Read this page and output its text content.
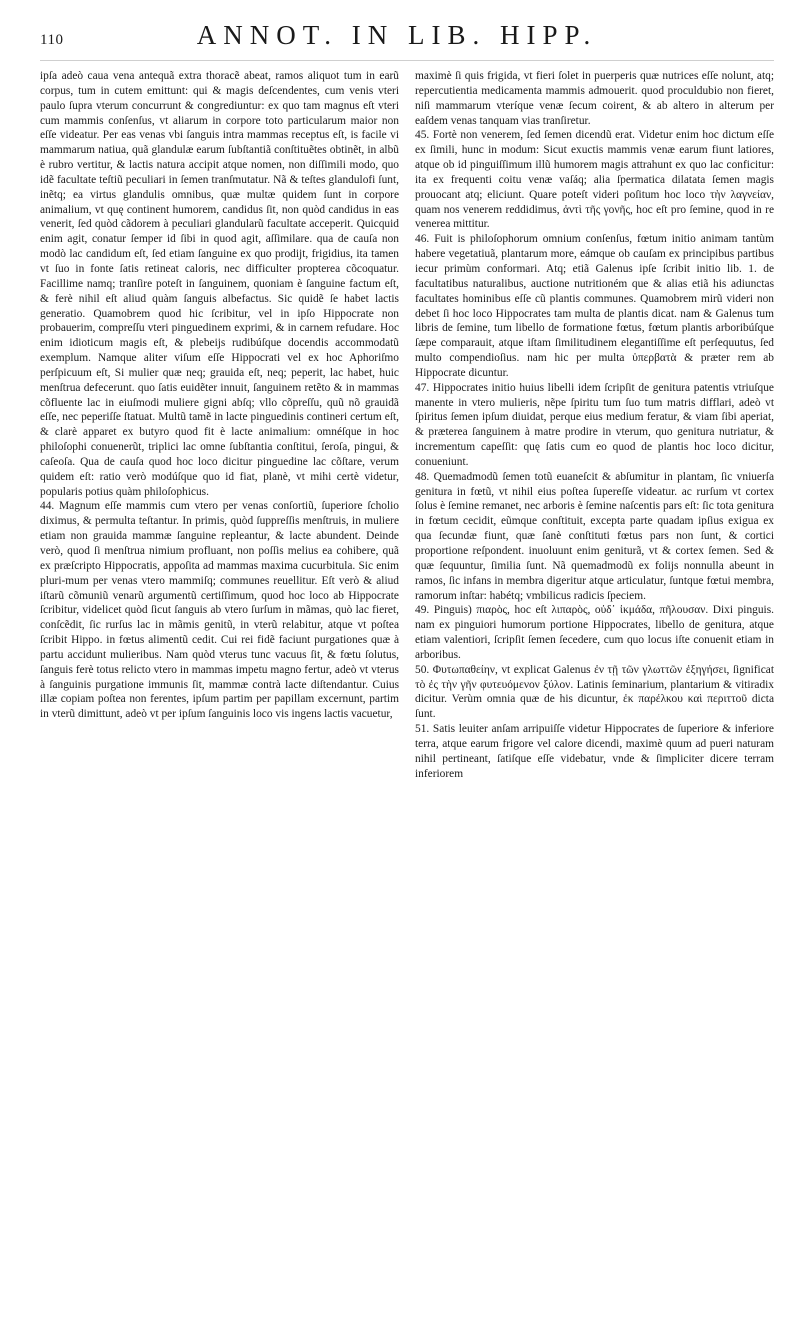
110	ANNOT. IN LIB. HIPP.

ipſa adeò caua vena antequã extra thoracẽ abeat, ramos aliquot tum in earũ corpus, tum in cutem emittunt: qui & magis deſcendentes, cum venis vteri paulo ſupra vterum concurrunt & congrediuntur: ex quo tam magnus eſt vteri cum mammis conſenſus, vt aliarum in corpore toto particularum maior non eſſe videatur. Per eas venas vbi ſanguis intra mammas receptus eſt, is facile vi mammarum natiua, quã glandulæ earum ſubſtantiã conſtituẽtes obtinẽt, in albũ è rubro vertitur, & lactis natura accipit atque nomen, non diſſimili modo, quo idẽ facultate teſtiũ peculiari in ſemen tranſmutatur. Nã & teſtes glandulofi ſunt, inẽtq; ea virtus glandulis omnibus, quæ multæ quidem ſunt in corpore animalium, vt quę continent humorem, candidus ſit, non quòd candidus in eas venerit, ſed quòd cãdorem à peculiari glandularũ facultate acceperit. Quicquid enim agit, conatur ſemper id ſibi in quod agit, aſſimilare. qua de cauſa non modò lac candidum eſt, ſed etiam ſanguine ex quo prodijt, frigidius, ita tamen vt ſuo in fonte ſatis retineat caloris, nec difficulter propterea cõcoquatur. Facillime namq; tranſire poteſt in ſanguinem, quoniam è ſanguine factum eſt, & ferè nihil eſt aliud quàm ſanguis albefactus. Sic quidẽ ſe habet lactis generatio. Quamobrem quod hic ſcribitur, vel in ipſo Hippocrate non probauerim, compreſſu vteri pinguedinem exprimi, & in carnem refudare. Hoc enim idioticum magis eſt, & plebeijs rudibúſque docendis accommodatũ exemplum. Namque aliter viſum eſſe Hippocrati vel ex hoc Aphoriſmo perſpicuum eſt, Si mulier quæ neq; grauida eſt, neq; peperit, lac habet, huic menſtrua defecerunt. quo ſatis euidẽter innuit, ſanguinem retẽto & in mammas cõfluente lac in eiuſmodi muliere gigni abſq; vllo cõpreſſu, quũ nõ grauidã eſſe, nec peperiſſe ſtatuat. Multũ tamẽ in lacte pinguedinis contineri certum eſt, & clarè apparet ex butyro quod fit è lacte animalium: omnéſque in hoc philoſophi conuenerũt, triplici lac omne ſubſtantia conſtitui, ſeroſa, pingui, & caſeoſa. Qua de cauſa quod hoc loco dicitur pinguedine lac cõſtare, verum quidem eſt: ratio verò modúſque quo id fiat, planè, vt mihi certè videtur, popularis potius quàm philoſophicus.

44. Magnum eſſe mammis cum vtero per venas conſortiũ, ſuperiore ſcholio diximus, & permulta teſtantur. In primis, quòd ſuppreſſis menſtruis, in muliere etiam non grauida mammæ ſanguine repleantur, & lacte abundent. Deinde verò, quod ſi menſtrua nimium profluant, non poſſis melius ea cohibere, quã ex præſcripto Hippocratis, appoſita ad mammas maxima cucurbitula. Sic enim pluri-mum per venas vtero mammiſq; communes reuellitur. Eſt verò & aliud iſtarũ cõmuniũ venarũ argumentũ certiſſimum, quod hoc loco ab Hippocrate ſcribitur, videlicet quòd ſicut ſanguis ab vtero ſurſum in mãmas, quò lac fieret, conſcẽdit, ſic rurſus lac in mãmis genitũ, in vterũ relabitur, atque vt poſtea ſcribit Hippo. in fœtus alimentũ cedit. Cui rei fidẽ faciunt purgationes quæ à partu accidunt mulieribus. Nam quòd vterus tunc vacuus ſit, & fœtu ſolutus, ſanguis ferè totus relicto vtero in mammas impetu magno fertur, adeò vt vterus à ſanguinis purgatione immunis ſit, mammæ contrà lacte diſtendantur. Cuius illæ copiam poſtea non ferentes, ipſum partim per papillam excernunt, partim in vterũ dimittunt, adeò vt per ipſum ſanguinis loco vis ingens lactis vacuetur,

maximè ſi quis frigida, vt fieri ſolet in puerperis quæ nutrices eſſe nolunt, atq; repercutientia medicamenta mammis admouerit. quod proculdubio non fieret, niſi mammarum vteríque venæ ſecum coirent, & ab altero in alterum per eaſdem venas tanquam vias tranſiretur.

45. Fortè non venerem, ſed ſemen dicendũ erat. Videtur enim hoc dictum eſſe ex ſimili, hunc in modum: Sicut exuctis mammis venæ earum fiunt latiores, atque ob id pinguiſſimum illũ humorem magis attrahunt ex quo lac conficitur: ita ex frequenti coitu venæ vaſáq; alia ſpermatica dilatata ſemen magis prouocant atq; eliciunt. Quare poteſt videri poſitum hoc loco τὴν λαγνείαν, quam nos venerem reddidimus, ἀντὶ τῆς γονῆς, hoc eſt pro ſemine, quod in re venerea mittitur.

46. Fuit is philoſophorum omnium conſenſus, fœtum initio animam tantùm habere vegetatiuã, plantarum more, eámque ob cauſam ex principibus partibus iecur primùm conformari. Atq; etiã Galenus ipſe ſcribit initio lib. 1. de facultatibus naturalibus, auctione nutritioném que & alias etiã his adiunctas facultates hominibus eſſe cũ plantis communes. Quamobrem mirũ videri non debet ſi hoc loco Hippocrates tam multa de plantis dicat. nam & Galenus tum libris de ſemine, tum libello de formatione fœtus, fœtum plantis arboribúſque ſæpe comparauit, atque iſtam ſimilitudinem elegantiſſime eſt perſequutus, ſed multo compendioſius. nam hic per multa ὑπερβατὰ & præter rem ab Hippocrate dicuntur.

47. Hippocrates initio huius libelli idem ſcripſit de genitura patentis vtriuſque manente in vtero mulieris, nẽpe ſpiritu tum ſuo tum matris difflari, adeò vt ſpiritus ſemen ipſum diuidat, perque eius medium feratur, & viam ſibi aperiat, & præterea ſanguinem à matre prodire in vterum, quo genitura nutriatur, & incrementum capeſſit: quę ſatis cum eo quod de plantis hoc loco dicitur, conueniunt.

48. Quemadmodũ ſemen totũ euaneſcit & abſumitur in plantam, ſic vniuerſa genitura in fœtũ, vt nihil eius poſtea ſupereſſe videatur. ac rurſum vt cortex ſolus è ſemine remanet, nec arboris è ſemine naſcentis pars eſt: ſic tota genitura in fœtum cecidit, eũmque conſtituit, excepta parte quadam ipſius exigua ex qua ſecundæ fiunt, quæ ſanè conſtituti fœtus pars non ſunt, & cortici proportione reſpondent. inuoluunt enim geniturã, vt & cortex ſemen. Sed & quæ ſequuntur, ſimilia ſunt. Nã quemadmodũ ex folijs nonnulla abeunt in ramos, ſic infans in membra digeritur atque articulatur, ſuntque fœtui membra, ramorum inſtar: habétq; vmbilicus radicis ſpeciem.

49. Pinguis) πιαρὸς, hoc eſt λιπαρὸς, οὐδ᾽ ἰκμάδα, πῆλουσαν. Dixi pinguis. nam ex pinguiori humorum portione Hippocrates, libello de genitura, atque etiam valentiori, ſcripſit ſemen ſecedere, cum quo locus iſte conuenit etiam in arboribus.

50. Φυτωπαθείην, vt explicat Galenus ἐν τῇ τῶν γλωττῶν ἐξηγήσει, ſignificat τὸ ἐς τὴν γῆν φυτευόμενον ξύλον. Latinis ſeminarium, plantarium & vitiradix dicitur. Verùm omnia quæ de his dicuntur, ἐκ παρέλκου καὶ περιττοῦ dicta ſunt.

51. Satis leuiter anſam arripuiſſe videtur Hippocrates de ſuperiore & inferiore terra, atque earum frigore vel calore dicendi, maximè quum ad pueri naturam nihil pertineant, ſatiſque eſſe videbatur, vnde & ſimpliciter dicere terram inferiorem
